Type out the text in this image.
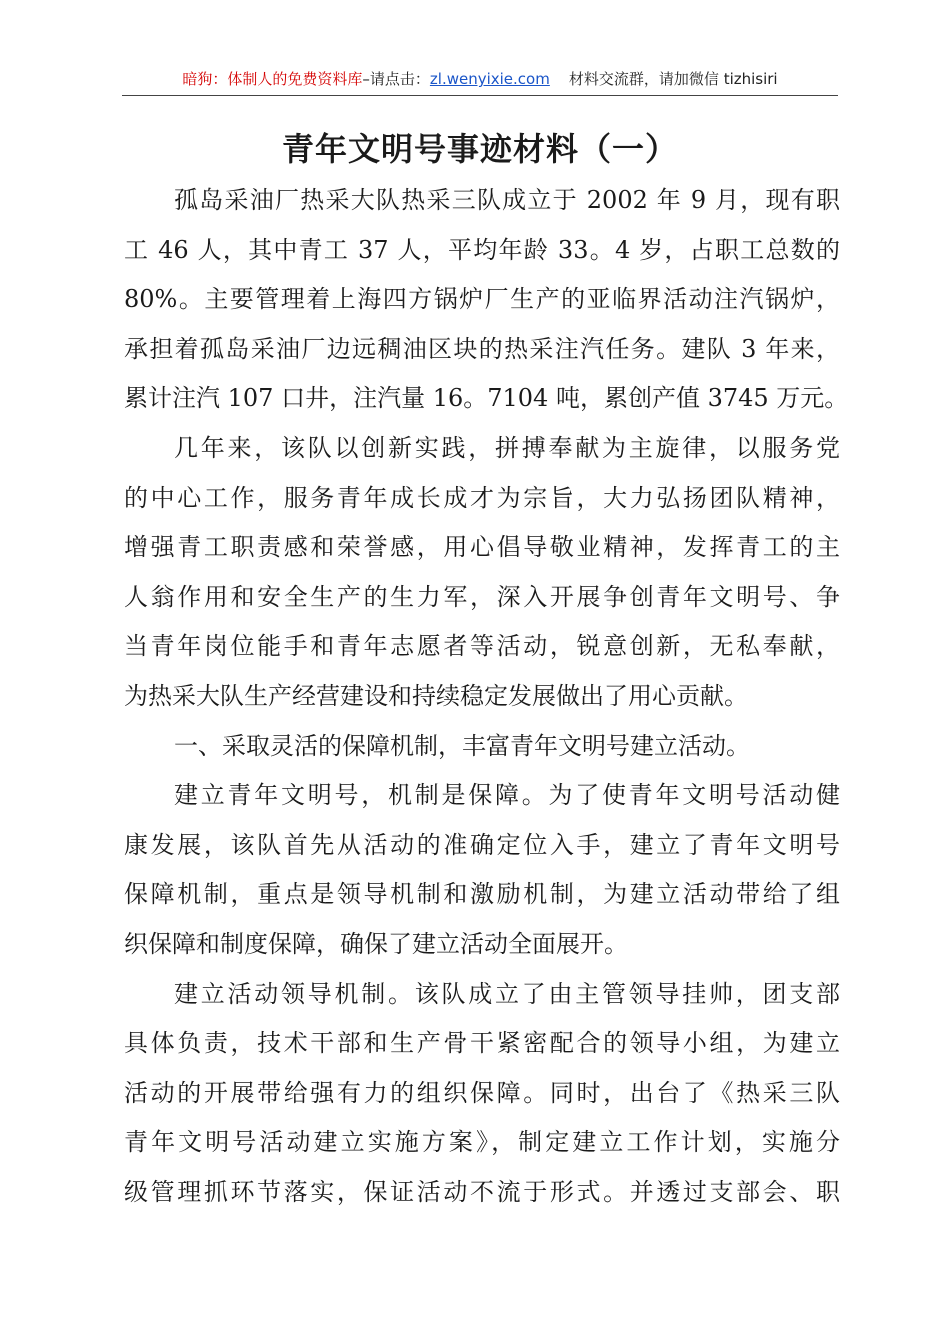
暗狗：体制人的免费资料库–请点击：zl.wenyixie.com 材料交流群，请加微信 tizhisiri
青年文明号事迹材料（一）
孤岛采油厂热采大队热采三队成立于 2002 年 9 月，现有职
工 46 人，其中青工 37 人，平均年龄 33。4 岁，占职工总数的
80%。主要管理着上海四方锅炉厂生产的亚临界活动注汽锅炉，
承担着孤岛采油厂边远稠油区块的热采注汽任务。建队 3 年来，
累计注汽 107 口井，注汽量 16。7104 吨，累创产值 3745 万元。
几年来，该队以创新实践，拼搏奉献为主旋律，以服务党
的中心工作，服务青年成长成才为宗旨，大力弘扬团队精神，
增强青工职责感和荣誉感，用心倡导敬业精神，发挥青工的主
人翁作用和安全生产的生力军，深入开展争创青年文明号、争
当青年岗位能手和青年志愿者等活动，锐意创新，无私奉献，
为热采大队生产经营建设和持续稳定发展做出了用心贡献。
一、采取灵活的保障机制，丰富青年文明号建立活动。
建立青年文明号，机制是保障。为了使青年文明号活动健
康发展，该队首先从活动的准确定位入手，建立了青年文明号
保障机制，重点是领导机制和激励机制，为建立活动带给了组
织保障和制度保障，确保了建立活动全面展开。
建立活动领导机制。该队成立了由主管领导挂帅，团支部
具体负责，技术干部和生产骨干紧密配合的领导小组，为建立
活动的开展带给强有力的组织保障。同时，出台了《热采三队
青年文明号活动建立实施方案》，制定建立工作计划，实施分
级管理抓环节落实，保证活动不流于形式。并透过支部会、职
